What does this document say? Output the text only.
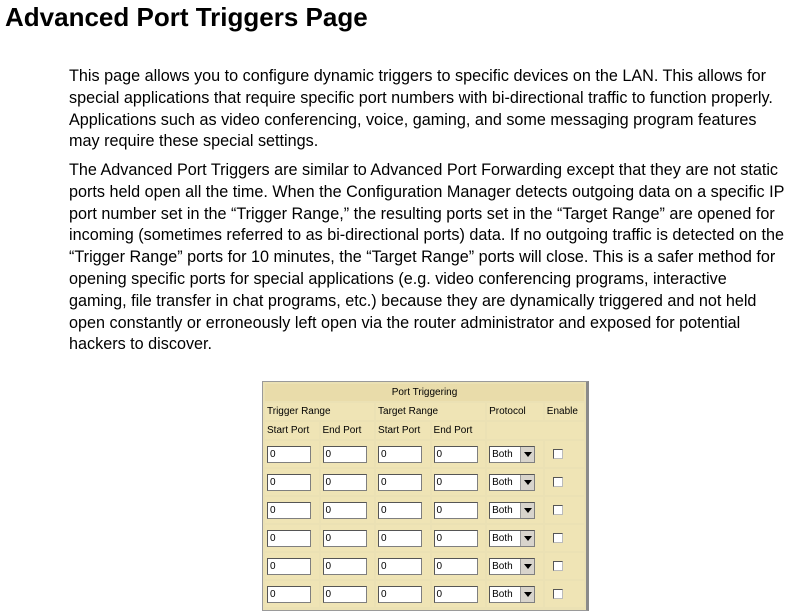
Advanced Port Triggers Page

This page allows you to configure dynamic triggers to specific devices on the LAN. This allows for special applications that require specific port numbers with bi-directional traffic to function properly. Applications such as video conferencing, voice, gaming, and some messaging program features may require these special settings.

The Advanced Port Triggers are similar to Advanced Port Forwarding except that they are not static ports held open all the time. When the Configuration Manager detects outgoing data on a specific IP port number set in the “Trigger Range,” the resulting ports set in the “Target Range” are opened for incoming (sometimes referred to as bi-directional ports) data. If no outgoing traffic is detected on the “Trigger Range” ports for 10 minutes, the “Target Range” ports will close. This is a safer method for opening specific ports for special applications (e.g. video conferencing programs, interactive gaming, file transfer in chat programs, etc.) because they are dynamically triggered and not held open constantly or erroneously left open via the router administrator and exposed for potential hackers to discover.

Port Triggering					
Trigger Range		Target Range		Protocol	Enable
Start Port	End Port	Start Port	End Port		
0	0	0	0	Both

0	0	0	0	Both

0	0	0	0	Both

0	0	0	0	Both

0	0	0	0	Both

0	0	0	0	Both
